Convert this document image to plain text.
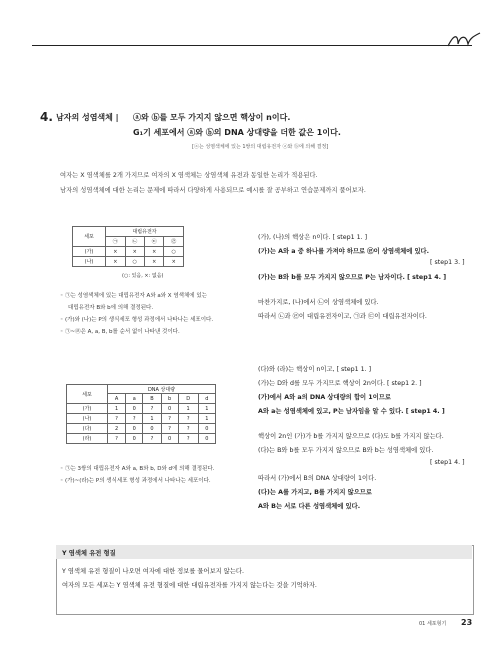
4. 남자의 성염색체 | ⓐ와 ⓑ를 모두 가지지 않으면 핵상이 n이다.
G₁기 세포에서 ⓐ와 ⓑ의 DNA 상대량을 더한 값은 1이다.
[ⓐ는 성염색체에 있는 1쌍의 대립유전자 ⓐ와 ⓑ에 의해 결정]
여자는 X 염색체를 2개 가지므로 여자의 X 염색체는 상염색체 유전과 동일한 논리가 적용된다.
남자의 성염색체에 대한 논리는 문제에 따라서 다양하게 사용되므로 예시를 잘 공부하고 연습문제까지 풀어보자.
세포	대립유전자			
	㉠	㉡	㉢	㉣
(가)	×	×	×	○
(나)	×	○	×	×
(○: 있음, ×: 없음)
◦ ㉠는 성염색체에 있는 대립유전자 A와 a와 X 염색체에 있는
대립유전자 B와 b에 의해 결정된다.
◦ (가)와 (나)는 P의 생식세포 형성 과정에서 나타나는 세포이다.
◦ ㉠~㉣은 A, a, B, b를 순서 없이 나타낸 것이다.
(가), (나)의 핵상은 n이다. [ step1 1. ]
(가)는 A와 a 중 하나를 가져야 하므로 ㉣이 상염색체에 있다.
[ step1 3. ]
(가)는 B와 b를 모두 가지지 않으므로 P는 남자이다. [ step1 4. ]
마찬가지로, (나)에서 ㉡이 상염색체에 있다.
따라서 ㉡과 ㉣이 대립유전자이고, ㉠과 ㉢이 대립유전자이다.
세포	DNA 상대량					
	A	a	B	b	D	d
(가)	1	0	?	0	1	1
(나)	?	?	1	?	?	1
(다)	2	0	0	?	?	0
(라)	?	0	?	0	?	0
◦ ㉠는 3쌍의 대립유전자 A와 a, B와 b, D와 d에 의해 결정된다.
◦ (가)~(라)는 P의 생식세포 형성 과정에서 나타나는 세포이다.
(다)와 (라)는 핵상이 n이고, [ step1 1. ]
(가)는 D와 d를 모두 가지므로 핵상이 2n이다. [ step1 2. ]
(가)에서 A와 a의 DNA 상대량의 합이 1이므로
A와 a는 성염색체에 있고, P는 남자임을 알 수 있다. [ step1 4. ]
핵상이 2n인 (가)가 b를 가지지 않으므로 (다)도 b를 가지지 않는다.
(다)는 B와 b를 모두 가지지 않으므로 B와 b는 성염색체에 있다.
[ step1 4. ]
따라서 (가)에서 B의 DNA 상대량이 1이다.
(다)는 A를 가지고, B를 가지지 않으므로
A와 B는 서로 다른 성염색체에 있다.
Y 염색체 유전 형질
Y 염색체 유전 형질이 나오면 여자에 대한 정보를 물어보지 않는다.
여자의 모든 세포는 Y 염색체 유전 형질에 대한 대립유전자를 가지지 않는다는 것을 기억하자.
01 세포형기 23
